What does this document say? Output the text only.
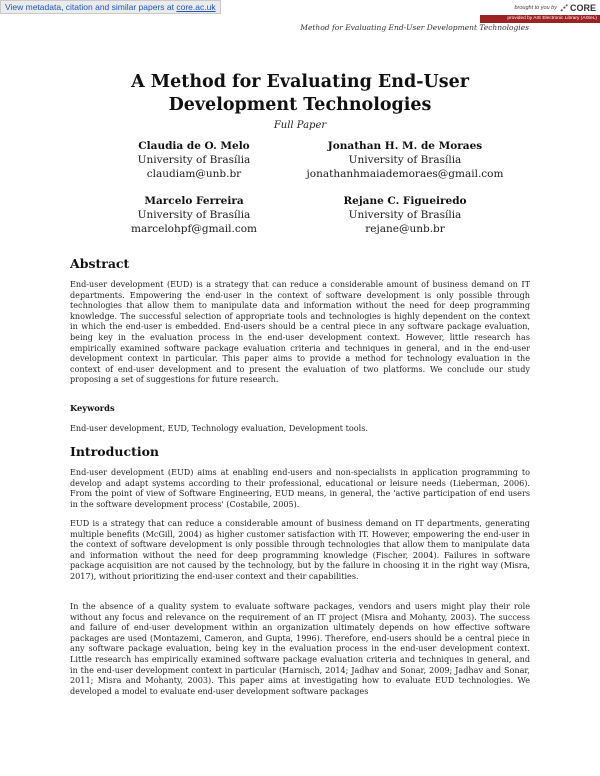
View metadata, citation and similar papers at core.ac.uk	brought to you by CORE
provided by AIS Electronic Library (AISeL)
Method for Evaluating End-User Development Technologies
A Method for Evaluating End-User
Development Technologies
Full Paper
Claudia de O. Melo
University of Brasília
claudiam@unb.br
Jonathan H. M. de Moraes
University of Brasília
jonathanhmaiademoraes@gmail.com
Marcelo Ferreira
University of Brasília
marcelohpf@gmail.com
Rejane C. Figueiredo
University of Brasília
rejane@unb.br
Abstract

End-user development (EUD) is a strategy that can reduce a considerable amount of business demand on IT departments. Empowering the end-user in the context of software development is only possible through technologies that allow them to manipulate data and information without the need for deep programming knowledge. The successful selection of appropriate tools and technologies is highly dependent on the context in which the end-user is embedded. End-users should be a central piece in any software package evaluation, being key in the evaluation process in the end-user development context. However, little research has empirically examined software package evaluation criteria and techniques in general, and in the end-user development context in particular. This paper aims to provide a method for technology evaluation in the context of end-user development and to present the evaluation of two platforms. We conclude our study proposing a set of suggestions for future research.

Keywords

End-user development, EUD, Technology evaluation, Development tools.

Introduction

End-user development (EUD) aims at enabling end-users and non-specialists in application programming to develop and adapt systems according to their professional, educational or leisure needs (Lieberman, 2006). From the point of view of Software Engineering, EUD means, in general, the 'active participation of end users in the software development process' (Costabile, 2005).

EUD is a strategy that can reduce a considerable amount of business demand on IT departments, generating multiple benefits (McGill, 2004) as higher customer satisfaction with IT. However, empowering the end-user in the context of software development is only possible through technologies that allow them to manipulate data and information without the need for deep programming knowledge (Fischer, 2004). Failures in software package acquisition are not caused by the technology, but by the failure in choosing it in the right way (Misra, 2017), without prioritizing the end-user context and their capabilities.

In the absence of a quality system to evaluate software packages, vendors and users might play their role without any focus and relevance on the requirement of an IT project (Misra and Mohanty, 2003). The success and failure of end-user development within an organization ultimately depends on how effective software packages are used (Montazemi, Cameron, and Gupta, 1996). Therefore, end-users should be a central piece in any software package evaluation, being key in the evaluation process in the end-user development context. Little research has empirically examined software package evaluation criteria and techniques in general, and in the end-user development context in particular (Harnisch, 2014; Jadhav and Sonar, 2009; Jadhav and Sonar, 2011; Misra and Mohanty, 2003). This paper aims at investigating how to evaluate EUD technologies. We developed a model to evaluate end-user development software packages
